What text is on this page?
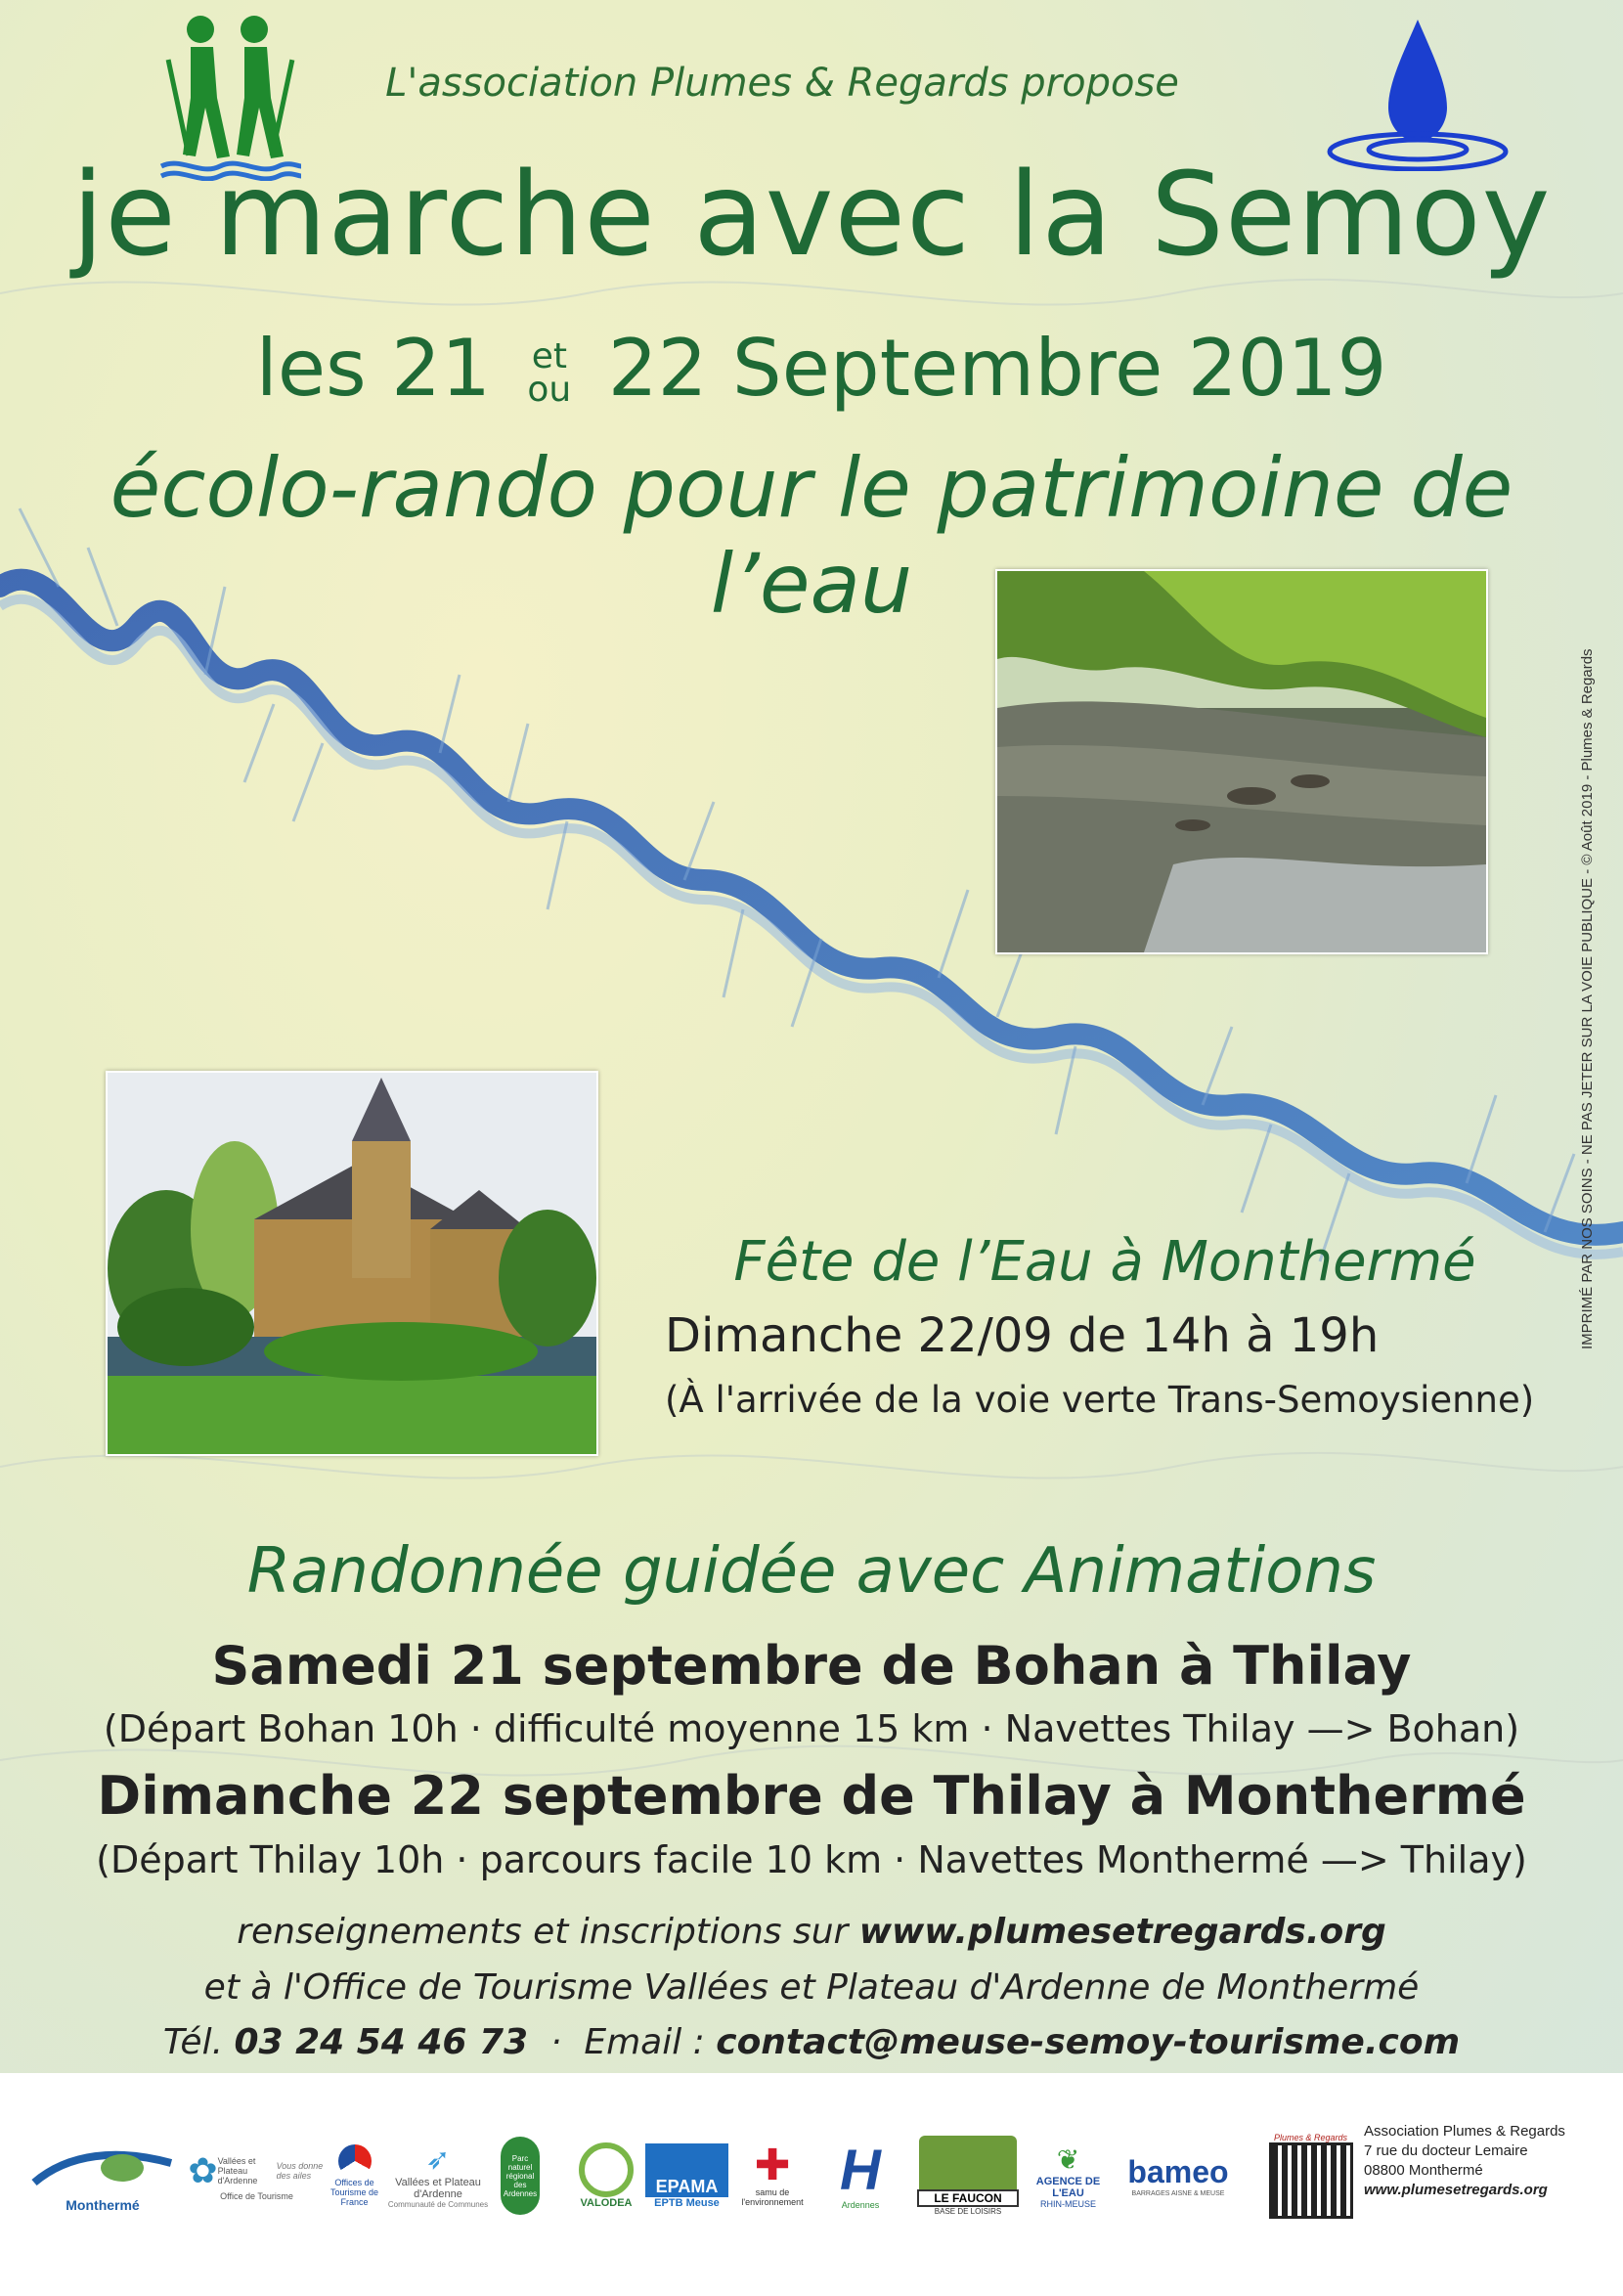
L'association Plumes & Regards propose
je marche avec la Semoy
les 21 et
ou 22 Septembre 2019
écolo-rando pour le patrimoine de l’eau
Fête de l’Eau à Monthermé
Dimanche 22/09 de 14h à 19h
(À l'arrivée de la voie verte Trans-Semoysienne)
Randonnée guidée avec Animations
Samedi 21 septembre de Bohan à Thilay
(Départ Bohan 10h · difficulté moyenne 15 km · Navettes Thilay —> Bohan)
Dimanche 22 septembre de Thilay à Monthermé
(Départ Thilay 10h · parcours facile 10 km · Navettes Monthermé —> Thilay)
renseignements et inscriptions sur www.plumesetregards.org
et à l'Office de Tourisme Vallées et Plateau d'Ardenne de Monthermé
Tél. 03 24 54 46 73  ·  Email : contact@meuse-semoy-tourisme.com
IMPRIMÉ PAR NOS SOINS - NE PAS JETER SUR LA VOIE PUBLIQUE - © Août 2019 - Plumes & Regards
Monthermé
✿ Vallées et Plateau d'Ardenne
Vous donne des ailes
Office de Tourisme
Offices de Tourisme de France
➶
Vallées et Plateau d'Ardenne
Communauté de Communes
Parc naturel régional des Ardennes
VALODEA
EPAMA
EPTB Meuse
✚
samu de l'environnement H
Ardennes	LE FAUCON
BASE DE LOISIRS
❦
AGENCE DE L'EAU
RHIN-MEUSE
bameo
BARRAGES AISNE & MEUSE
Plumes & Regards Association Plumes & Regards
7 rue du docteur Lemaire
08800 Monthermé
www.plumesetregards.org
